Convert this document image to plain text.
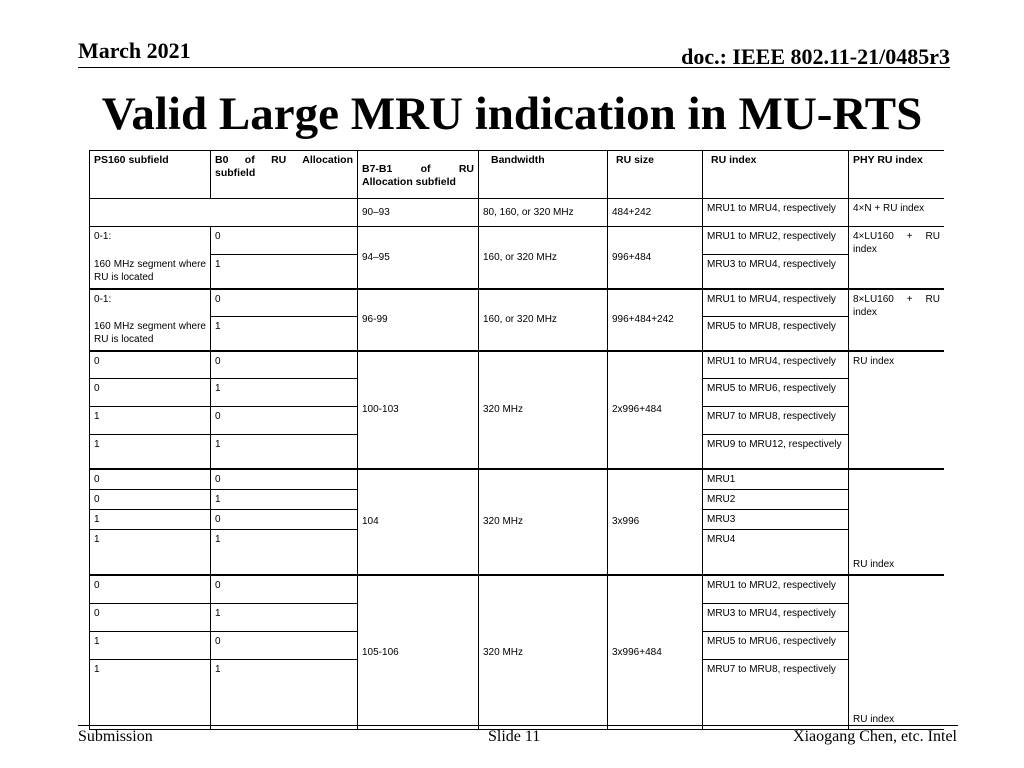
March 2021	doc.: IEEE 802.11-21/0485r3
Valid Large MRU indication in MU-RTS
PS160 subfield	B0 of RU Allocation subfield	B7-B1 of RU Allocation subfield	Bandwidth	RU size	RU index	PHY RU index
		90–93	80, 160, or 320 MHz	484+242	MRU1 to MRU4, respectively	4×N + RU index
0-1:	0	94–95	160, or 320 MHz	996+484	MRU1 to MRU2, respectively	4×LU160 + RU index
160 MHz segment where RU is located	1				MRU3 to MRU4, respectively	
0-1:	0	96-99	160, or 320 MHz	996+484+242	MRU1 to MRU4, respectively	8×LU160 + RU index
160 MHz segment where RU is located	1				MRU5 to MRU8, respectively	
0	0	100-103	320 MHz	2x996+484	MRU1 to MRU4, respectively	RU index
0	1				MRU5 to MRU6, respectively	
1	0				MRU7 to MRU8, respectively	
1	1				MRU9 to MRU12, respectively	
0	0	104	320 MHz	3x996	MRU1	RU index
0	1				MRU2	
1	0				MRU3	
1	1				MRU4	
0	0	105-106	320 MHz	3x996+484	MRU1 to MRU2, respectively	RU index
0	1				MRU3 to MRU4, respectively	
1	0				MRU5 to MRU6, respectively	
1	1				MRU7 to MRU8, respectively	
Submission	Slide 11	Xiaogang Chen, etc. Intel
